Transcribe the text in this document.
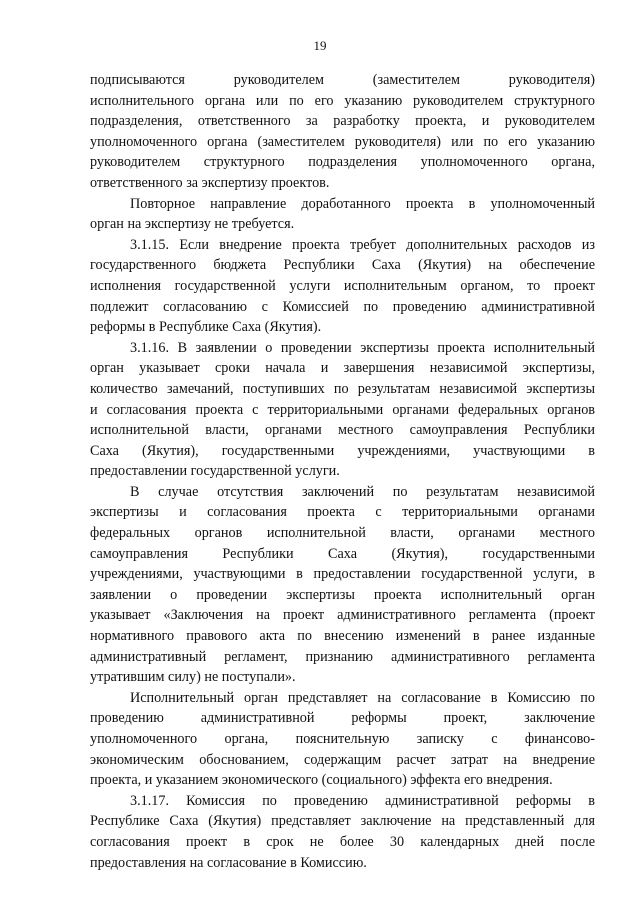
19
подписываются руководителем (заместителем руководителя)
исполнительного органа или по его указанию руководителем структурного
подразделения, ответственного за разработку проекта, и руководителем
уполномоченного органа (заместителем руководителя) или по его указанию
руководителем структурного подразделения уполномоченного органа,
ответственного за экспертизу проектов.
Повторное направление доработанного проекта в уполномоченный
орган на экспертизу не требуется.
3.1.15. Если внедрение проекта требует дополнительных расходов из
государственного бюджета Республики Саха (Якутия) на обеспечение
исполнения государственной услуги исполнительным органом, то проект
подлежит согласованию с Комиссией по проведению административной
реформы в Республике Саха (Якутия).
3.1.16. В заявлении о проведении экспертизы проекта исполнительный
орган указывает сроки начала и завершения независимой экспертизы,
количество замечаний, поступивших по результатам независимой экспертизы
и согласования проекта с территориальными органами федеральных органов
исполнительной власти, органами местного самоуправления Республики
Саха (Якутия), государственными учреждениями, участвующими в
предоставлении государственной услуги.
В случае отсутствия заключений по результатам независимой
экспертизы и согласования проекта с территориальными органами
федеральных органов исполнительной власти, органами местного
самоуправления Республики Саха (Якутия), государственными
учреждениями, участвующими в предоставлении государственной услуги, в
заявлении о проведении экспертизы проекта исполнительный орган
указывает «Заключения на проект административного регламента (проект
нормативного правового акта по внесению изменений в ранее изданные
административный регламент, признанию административного регламента
утратившим силу) не поступали».
Исполнительный орган представляет на согласование в Комиссию по
проведению административной реформы проект, заключение
уполномоченного органа, пояснительную записку с финансово-
экономическим обоснованием, содержащим расчет затрат на внедрение
проекта, и указанием экономического (социального) эффекта его внедрения.
3.1.17. Комиссия по проведению административной реформы в
Республике Саха (Якутия) представляет заключение на представленный для
согласования проект в срок не более 30 календарных дней после
предоставления на согласование в Комиссию.
